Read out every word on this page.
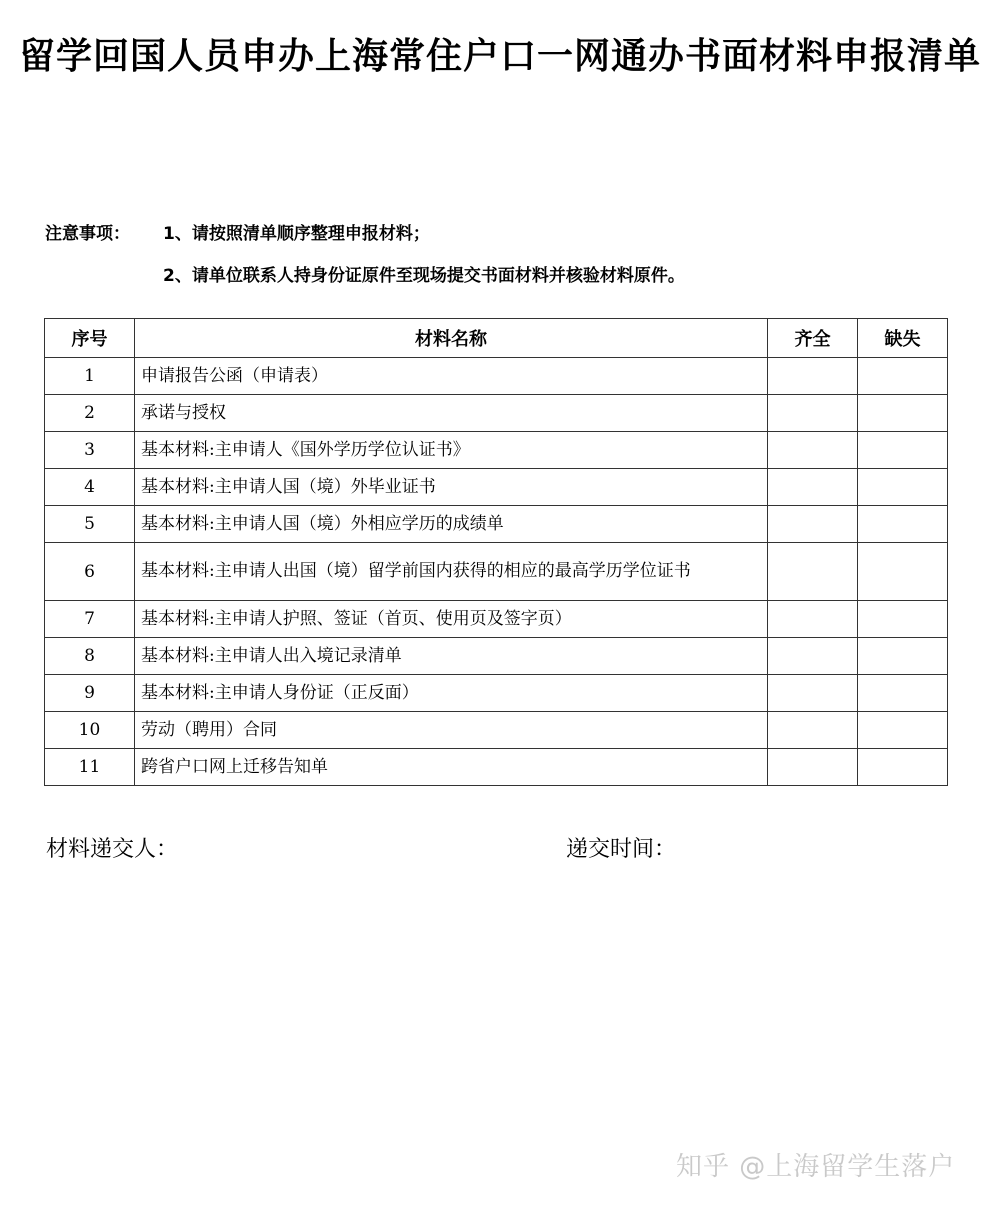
留学回国人员申办上海常住户口一网通办书面材料申报清单
注意事项：	1、请按照清单顺序整理申报材料；
2、请单位联系人持身份证原件至现场提交书面材料并核验材料原件。
序号	材料名称	齐全	缺失
1	申请报告公函（申请表）		
2	承诺与授权		
3	基本材料:主申请人《国外学历学位认证书》		
4	基本材料:主申请人国（境）外毕业证书		
5	基本材料:主申请人国（境）外相应学历的成绩单		
6	基本材料:主申请人出国（境）留学前国内获得的相应的最高学历学位证书		
7	基本材料:主申请人护照、签证（首页、使用页及签字页）		
8	基本材料:主申请人出入境记录清单		
9	基本材料:主申请人身份证（正反面）		
10	劳动（聘用）合同		
11	跨省户口网上迁移告知单		
材料递交人：	递交时间：
知乎 @上海留学生落户
